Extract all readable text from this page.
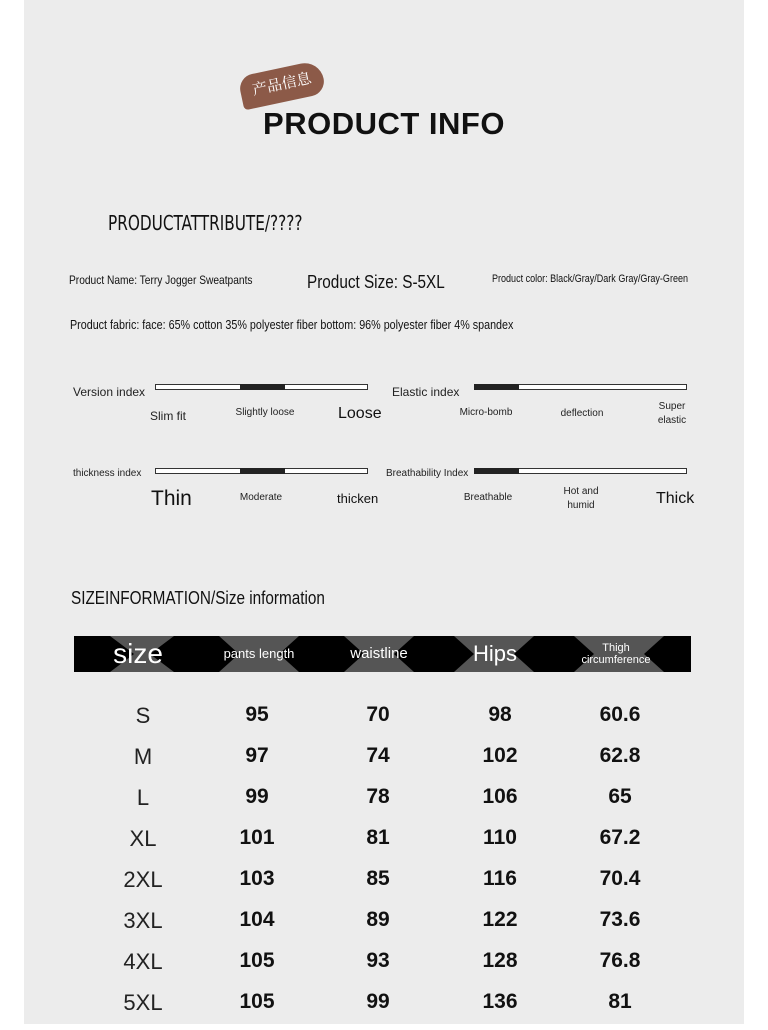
产品信息
PRODUCT INFO
PRODUCTATTRIBUTE/????
Product Name: Terry Jogger Sweatpants	Product Size: S-5XL	Product color: Black/Gray/Dark Gray/Gray-Green
Product fabric: face: 65% cotton 35% polyester fiber bottom: 96% polyester fiber 4% spandex
Version index
Slim fit	Slightly loose	Loose
Elastic index
Micro-bomb	deflection
Super elastic
thickness index
Thin	Moderate	thicken
Breathability Index
Breathable
Hot and humid	Thick
SIZEINFORMATION/Size information
size	pants length	waistline	Hips	Thigh circumference
S	95	70	98	60.6
M	97	74	102	62.8
L	99	78	106	65
XL	101	81	110	67.2
2XL	103	85	116	70.4
3XL	104	89	122	73.6
4XL	105	93	128	76.8
5XL	105	99	136	81
